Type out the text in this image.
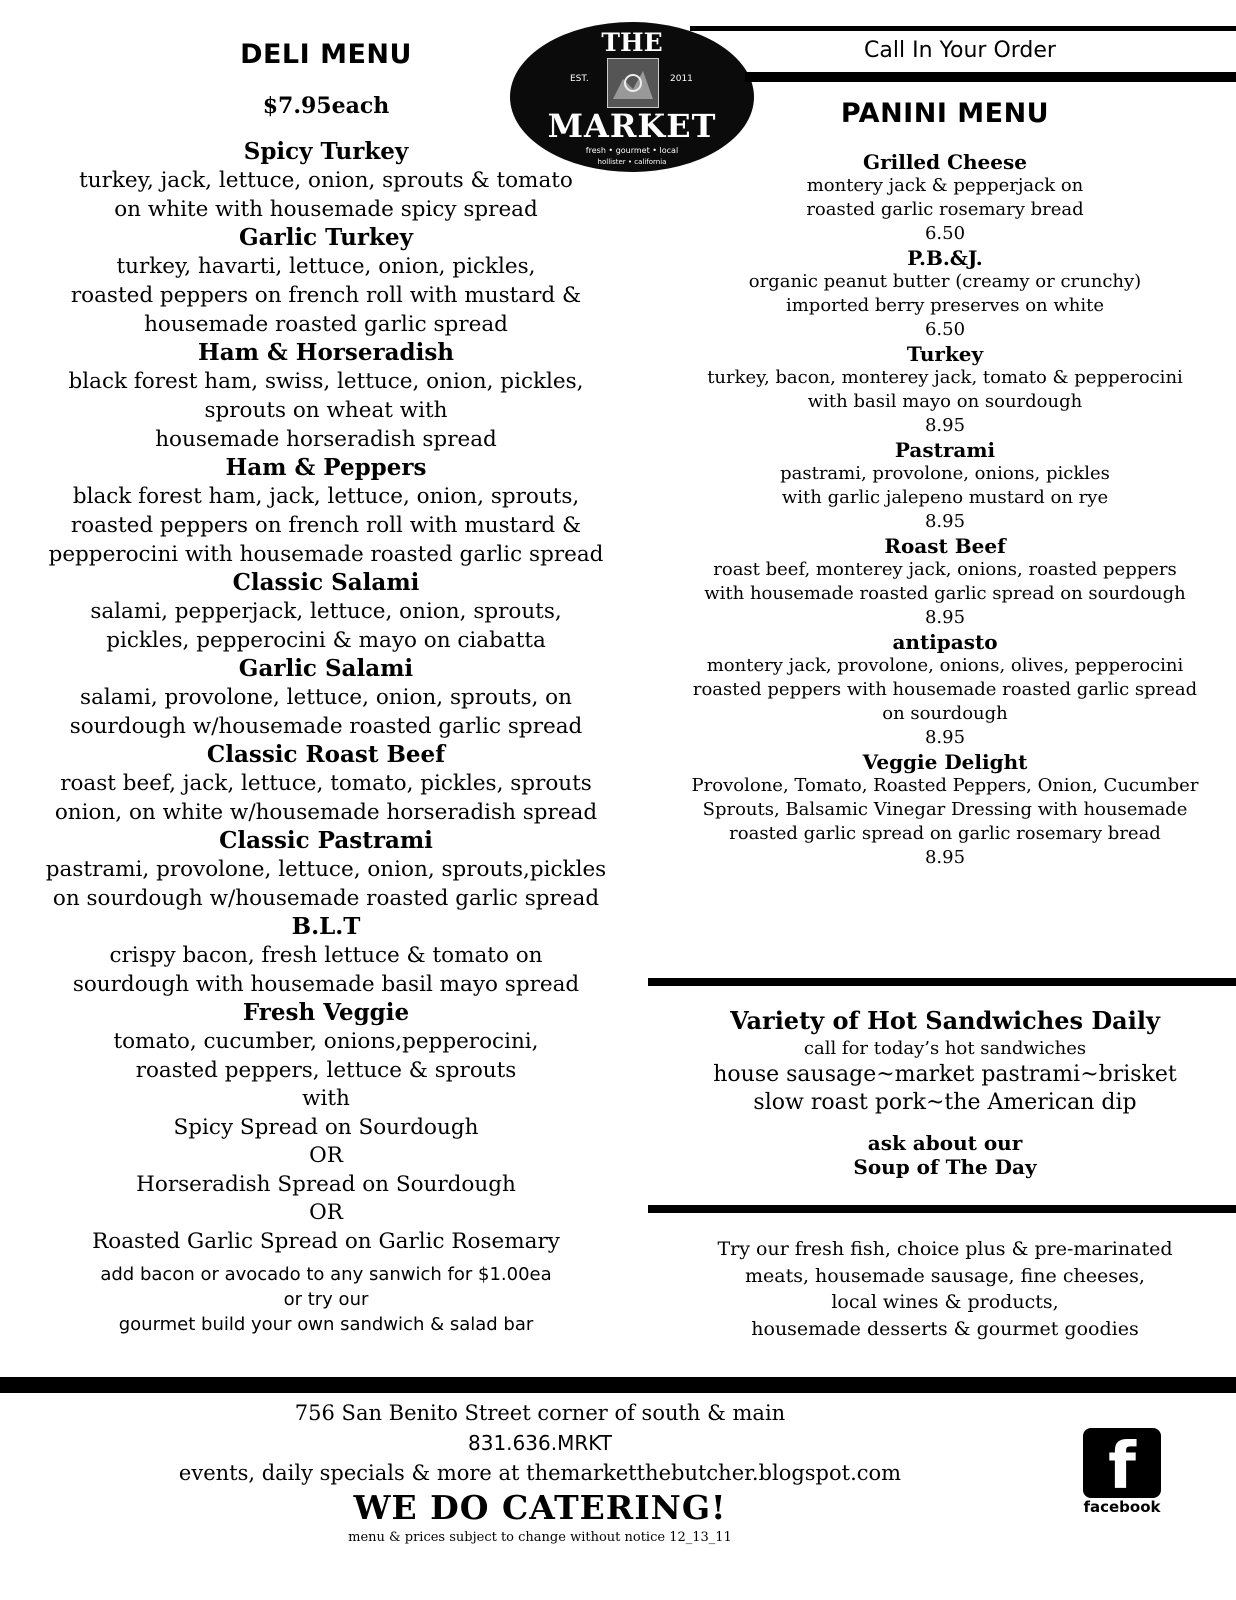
DELI MENU
$7.95each
Spicy Turkey
turkey, jack, lettuce, onion, sprouts & tomato
on white with housemade spicy spread
Garlic Turkey
turkey, havarti, lettuce, onion, pickles,
roasted peppers on french roll with mustard &
housemade roasted garlic spread
Ham & Horseradish
black forest ham, swiss, lettuce, onion, pickles,
sprouts on wheat with
housemade horseradish spread
Ham & Peppers
black forest ham, jack, lettuce, onion, sprouts,
roasted peppers on french roll with mustard &
pepperocini with housemade roasted garlic spread
Classic Salami
salami, pepperjack, lettuce, onion, sprouts,
pickles, pepperocini & mayo on ciabatta
Garlic Salami
salami, provolone, lettuce, onion, sprouts, on
sourdough w/housemade roasted garlic spread
Classic Roast Beef
roast beef, jack, lettuce, tomato, pickles, sprouts
onion, on white w/housemade horseradish spread
Classic Pastrami
pastrami, provolone, lettuce, onion, sprouts,pickles
on sourdough w/housemade roasted garlic spread
B.L.T
crispy bacon, fresh lettuce & tomato on
sourdough with housemade basil mayo spread
Fresh Veggie
tomato, cucumber, onions,pepperocini,
roasted peppers, lettuce & sprouts
with
Spicy Spread on Sourdough
OR
Horseradish Spread on Sourdough
OR
Roasted Garlic Spread on Garlic Rosemary
add bacon or avocado to any sanwich for $1.00ea
or try our
gourmet build your own sandwich & salad bar
THE
EST.	2011
MARKET
fresh • gourmet • local
hollister • california
Call In Your Order
PANINI MENU
Grilled Cheese
montery jack & pepperjack on
roasted garlic rosemary bread
6.50
P.B.&J.
organic peanut butter (creamy or crunchy)
imported berry preserves on white
6.50
Turkey
turkey, bacon, monterey jack, tomato & pepperocini
with basil mayo on sourdough
8.95
Pastrami
pastrami, provolone, onions, pickles
with garlic jalepeno mustard on rye
8.95
Roast Beef
roast beef, monterey jack, onions, roasted peppers
with housemade roasted garlic spread on sourdough
8.95
antipasto
montery jack, provolone, onions, olives, pepperocini
roasted peppers with housemade roasted garlic spread
on sourdough
8.95
Veggie Delight
Provolone, Tomato, Roasted Peppers, Onion, Cucumber
Sprouts, Balsamic Vinegar Dressing with housemade
roasted garlic spread on garlic rosemary bread
8.95
Variety of Hot Sandwiches Daily
call for today’s hot sandwiches
house sausage~market pastrami~brisket
slow roast pork~the American dip
ask about our
Soup of The Day
Try our fresh fish, choice plus & pre-marinated
meats, housemade sausage, fine cheeses,
local wines & products,
housemade desserts & gourmet goodies
756 San Benito Street corner of south & main
831.636.MRKT
events, daily specials & more at themarketthebutcher.blogspot.com
WE DO CATERING!
menu & prices subject to change without notice 12_13_11
f
facebook
